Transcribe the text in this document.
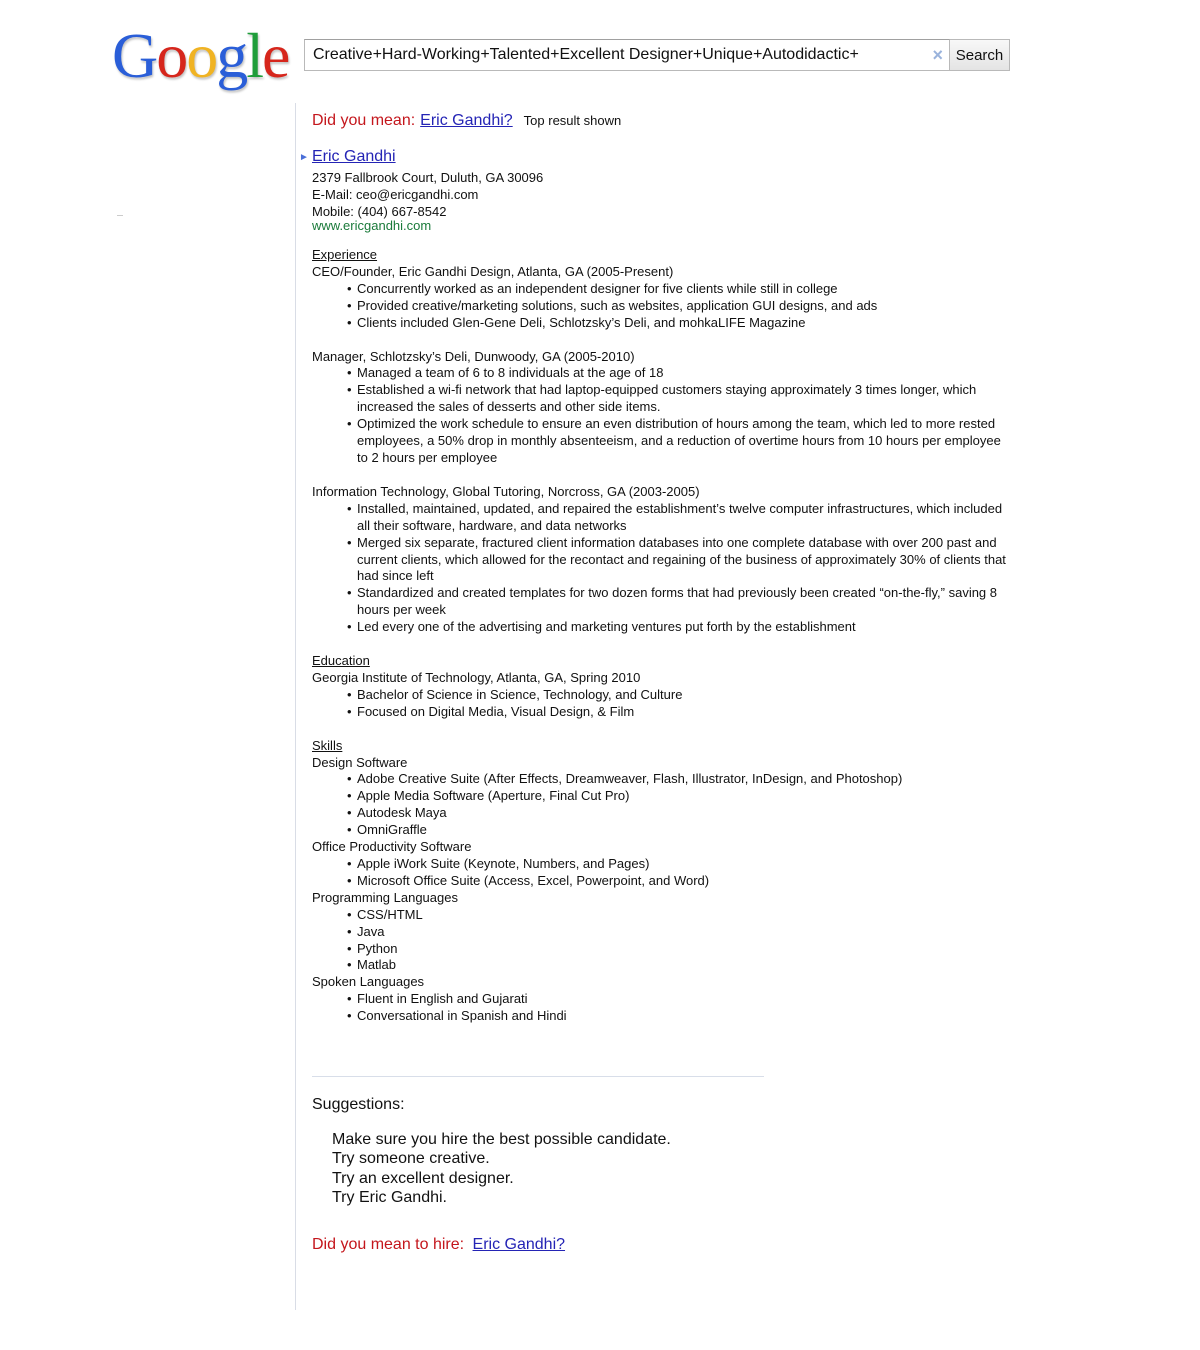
Google Creative+Hard-Working+Talented+Excellent Designer+Unique+Autodidactic+	× Search
Did you mean: Eric Gandhi? Top result shown
► Eric Gandhi
2379 Fallbrook Court, Duluth, GA 30096
E-Mail: ceo@ericgandhi.com
Mobile: (404) 667-8542
www.ericgandhi.com
Experience
CEO/Founder, Eric Gandhi Design, Atlanta, GA (2005-Present)
• Concurrently worked as an independent designer for five clients while still in college
• Provided creative/marketing solutions, such as websites, application GUI designs, and ads
• Clients included Glen-Gene Deli, Schlotzsky’s Deli, and mohkaLIFE Magazine
Manager, Schlotzsky’s Deli, Dunwoody, GA (2005-2010)
• Managed a team of 6 to 8 individuals at the age of 18
• Established a wi-fi network that had laptop-equipped customers staying approximately 3 times longer, which increased the sales of desserts and other side items.
• Optimized the work schedule to ensure an even distribution of hours among the team, which led to more rested employees, a 50% drop in monthly absenteeism, and a reduction of overtime hours from 10 hours per employee to 2 hours per employee
Information Technology, Global Tutoring, Norcross, GA (2003-2005)
• Installed, maintained, updated, and repaired the establishment’s twelve computer infrastructures, which included all their software, hardware, and data networks
• Merged six separate, fractured client information databases into one complete database with over 200 past and current clients, which allowed for the recontact and regaining of the business of approximately 30% of clients that had since left
• Standardized and created templates for two dozen forms that had previously been created “on-the-fly,” saving 8 hours per week
• Led every one of the advertising and marketing ventures put forth by the establishment
Education
Georgia Institute of Technology, Atlanta, GA, Spring 2010
• Bachelor of Science in Science, Technology, and Culture
• Focused on Digital Media, Visual Design, & Film
Skills
Design Software
• Adobe Creative Suite (After Effects, Dreamweaver, Flash, Illustrator, InDesign, and Photoshop)
• Apple Media Software (Aperture, Final Cut Pro)
• Autodesk Maya
• OmniGraffle
Office Productivity Software
• Apple iWork Suite (Keynote, Numbers, and Pages)
• Microsoft Office Suite (Access, Excel, Powerpoint, and Word)
Programming Languages
• CSS/HTML
• Java
• Python
• Matlab
Spoken Languages
• Fluent in English and Gujarati
• Conversational in Spanish and Hindi
Suggestions:
Make sure you hire the best possible candidate.
Try someone creative.
Try an excellent designer.
Try Eric Gandhi.
Did you mean to hire: Eric Gandhi?
